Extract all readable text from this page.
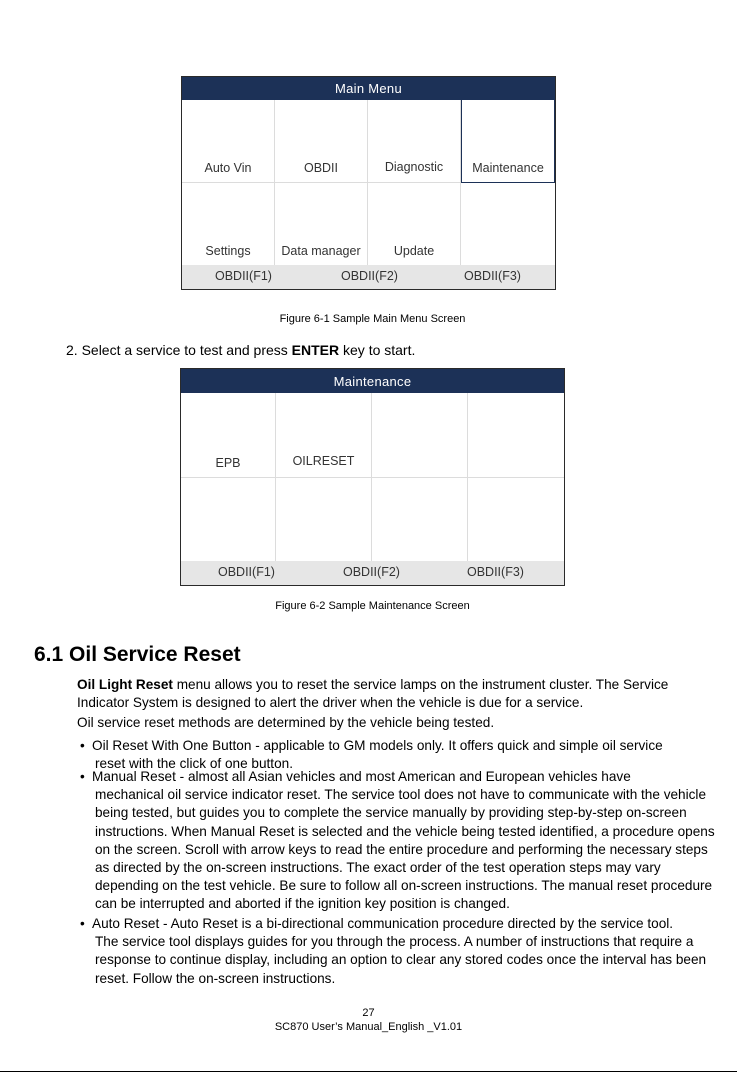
Main Menu
Auto Vin	OBDII	Diagnostic	Maintenance
Settings	Data manager	Update
OBDII(F1)	OBDII(F2)	OBDII(F3)
Figure 6-1 Sample Main Menu Screen
2. Select a service to test and press ENTER key to start.
Maintenance
EPB	OILRESET
OBDII(F1)	OBDII(F2)	OBDII(F3)
Figure 6-2 Sample Maintenance Screen
6.1 Oil Service Reset
Oil Light Reset menu allows you to reset the service lamps on the instrument cluster. The Service
Indicator System is designed to alert the driver when the vehicle is due for a service.
Oil service reset methods are determined by the vehicle being tested.
• Oil Reset With One Button - applicable to GM models only. It offers quick and simple oil service
reset with the click of one button.
• Manual Reset - almost all Asian vehicles and most American and European vehicles have
mechanical oil service indicator reset. The service tool does not have to communicate with the vehicle being tested, but guides you to complete the service manually by providing step-by-step on-screen instructions. When Manual Reset is selected and the vehicle being tested identified, a procedure opens on the screen. Scroll with arrow keys to read the entire procedure and performing the necessary steps as directed by the on-screen instructions. The exact order of the test operation steps may vary depending on the test vehicle. Be sure to follow all on-screen instructions. The manual reset procedure can be interrupted and aborted if the ignition key position is changed.
• Auto Reset - Auto Reset is a bi-directional communication procedure directed by the service tool.
The service tool displays guides for you through the process. A number of instructions that require a response to continue display, including an option to clear any stored codes once the interval has been reset. Follow the on-screen instructions.
27
SC870 User’s Manual_English _V1.01
